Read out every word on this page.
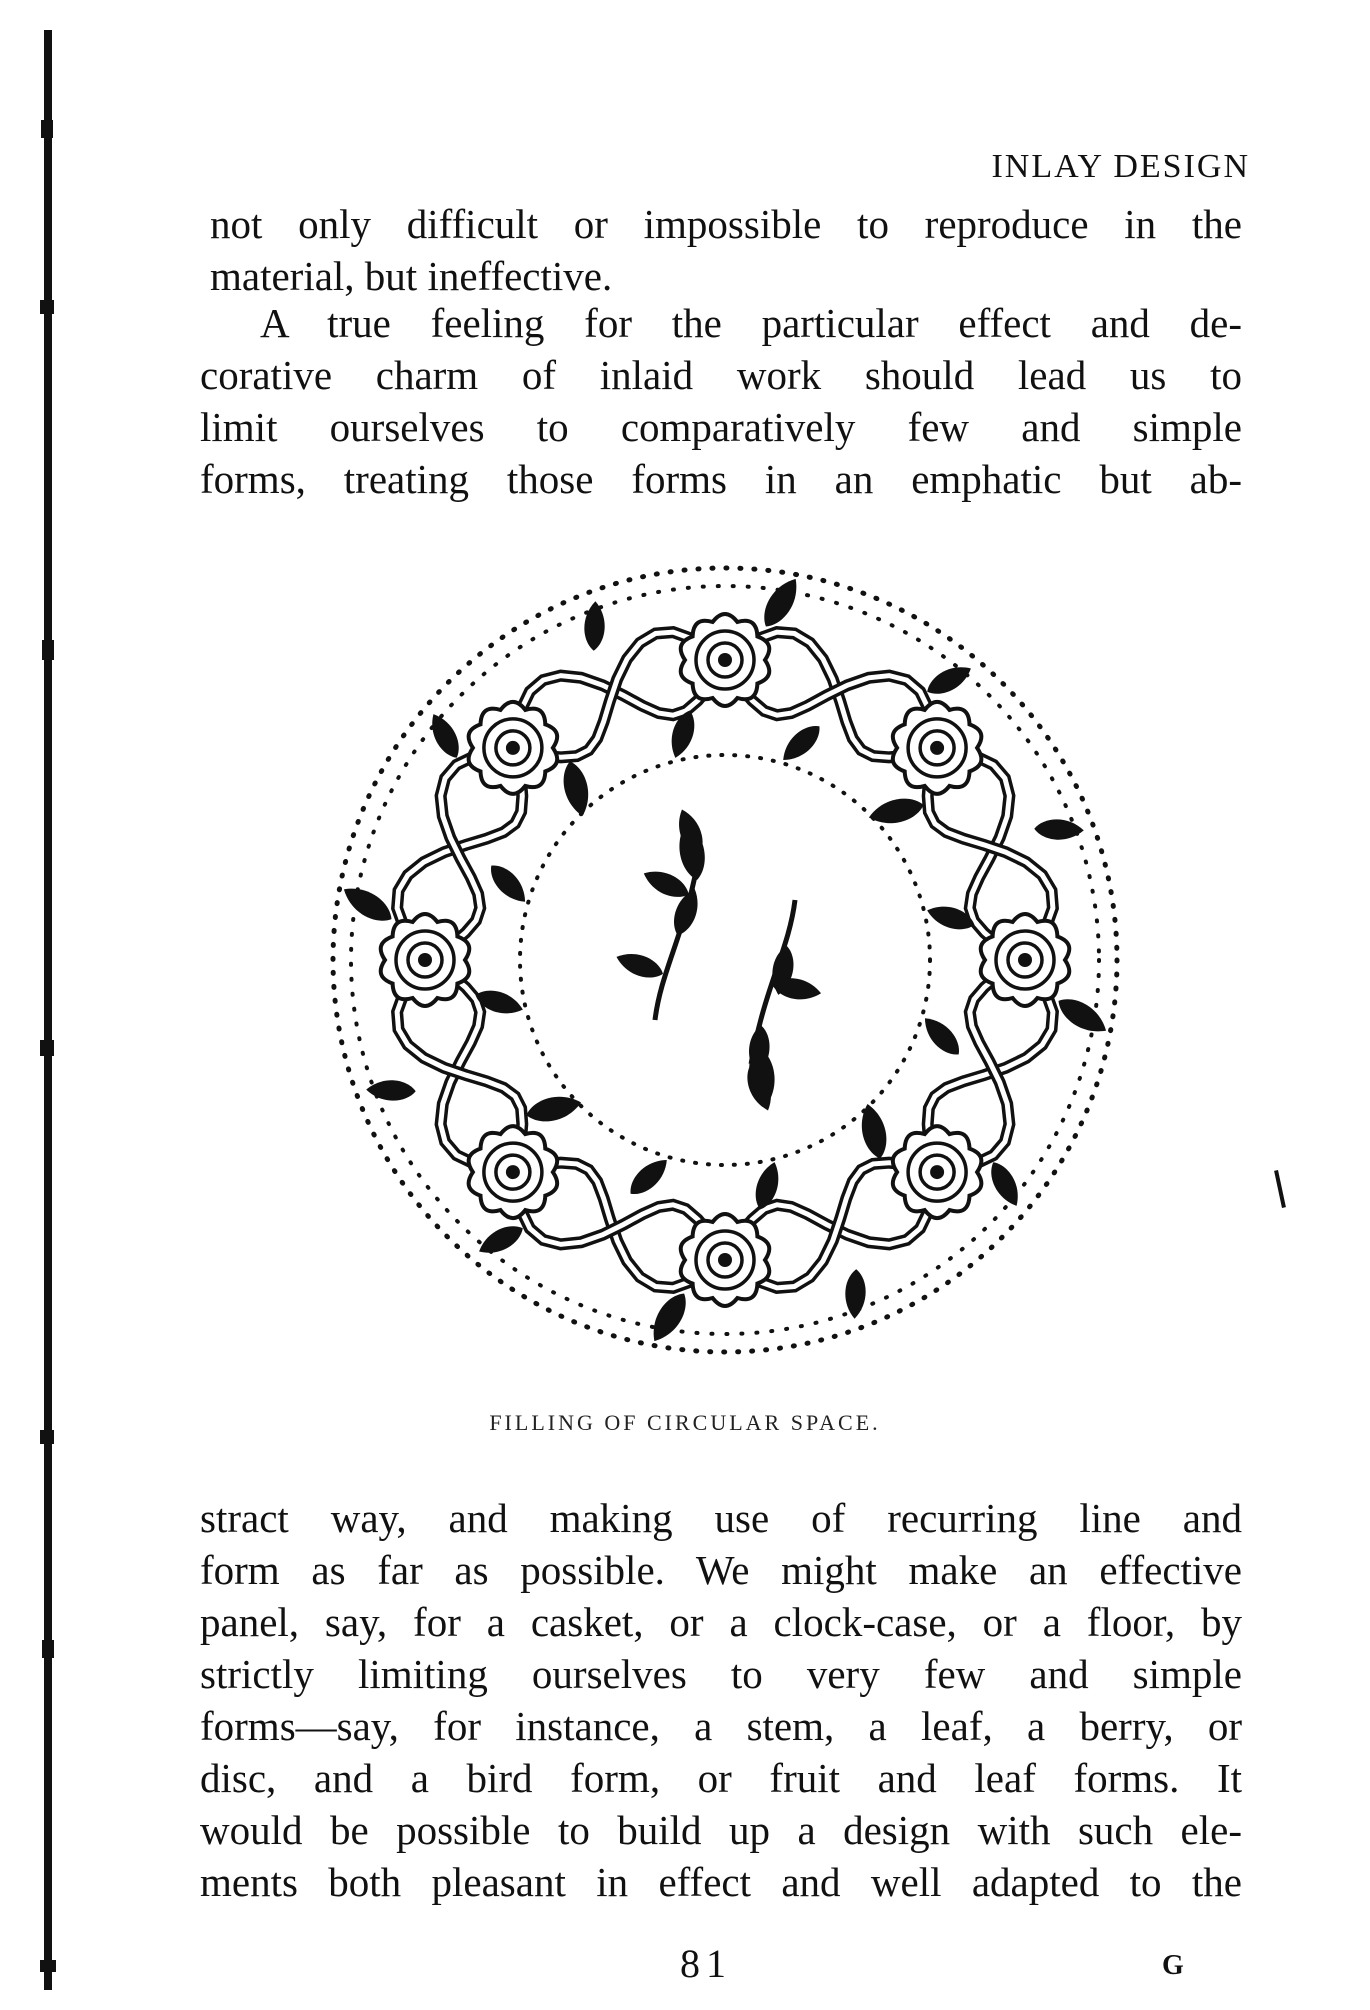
INLAY DESIGN
not only difficult or impossible to reproduce in the
material, but ineffective.
A true feeling for the particular effect and de-
corative charm of inlaid work should lead us to
limit ourselves to comparatively few and simple
forms, treating those forms in an emphatic but ab-
FILLING OF CIRCULAR SPACE.
stract way, and making use of recurring line and
form as far as possible. We might make an effective
panel, say, for a casket, or a clock-case, or a floor, by
strictly limiting ourselves to very few and simple
forms—say, for instance, a stem, a leaf, a berry, or
disc, and a bird form, or fruit and leaf forms. It
would be possible to build up a design with such ele-
ments both pleasant in effect and well adapted to the
81	G
